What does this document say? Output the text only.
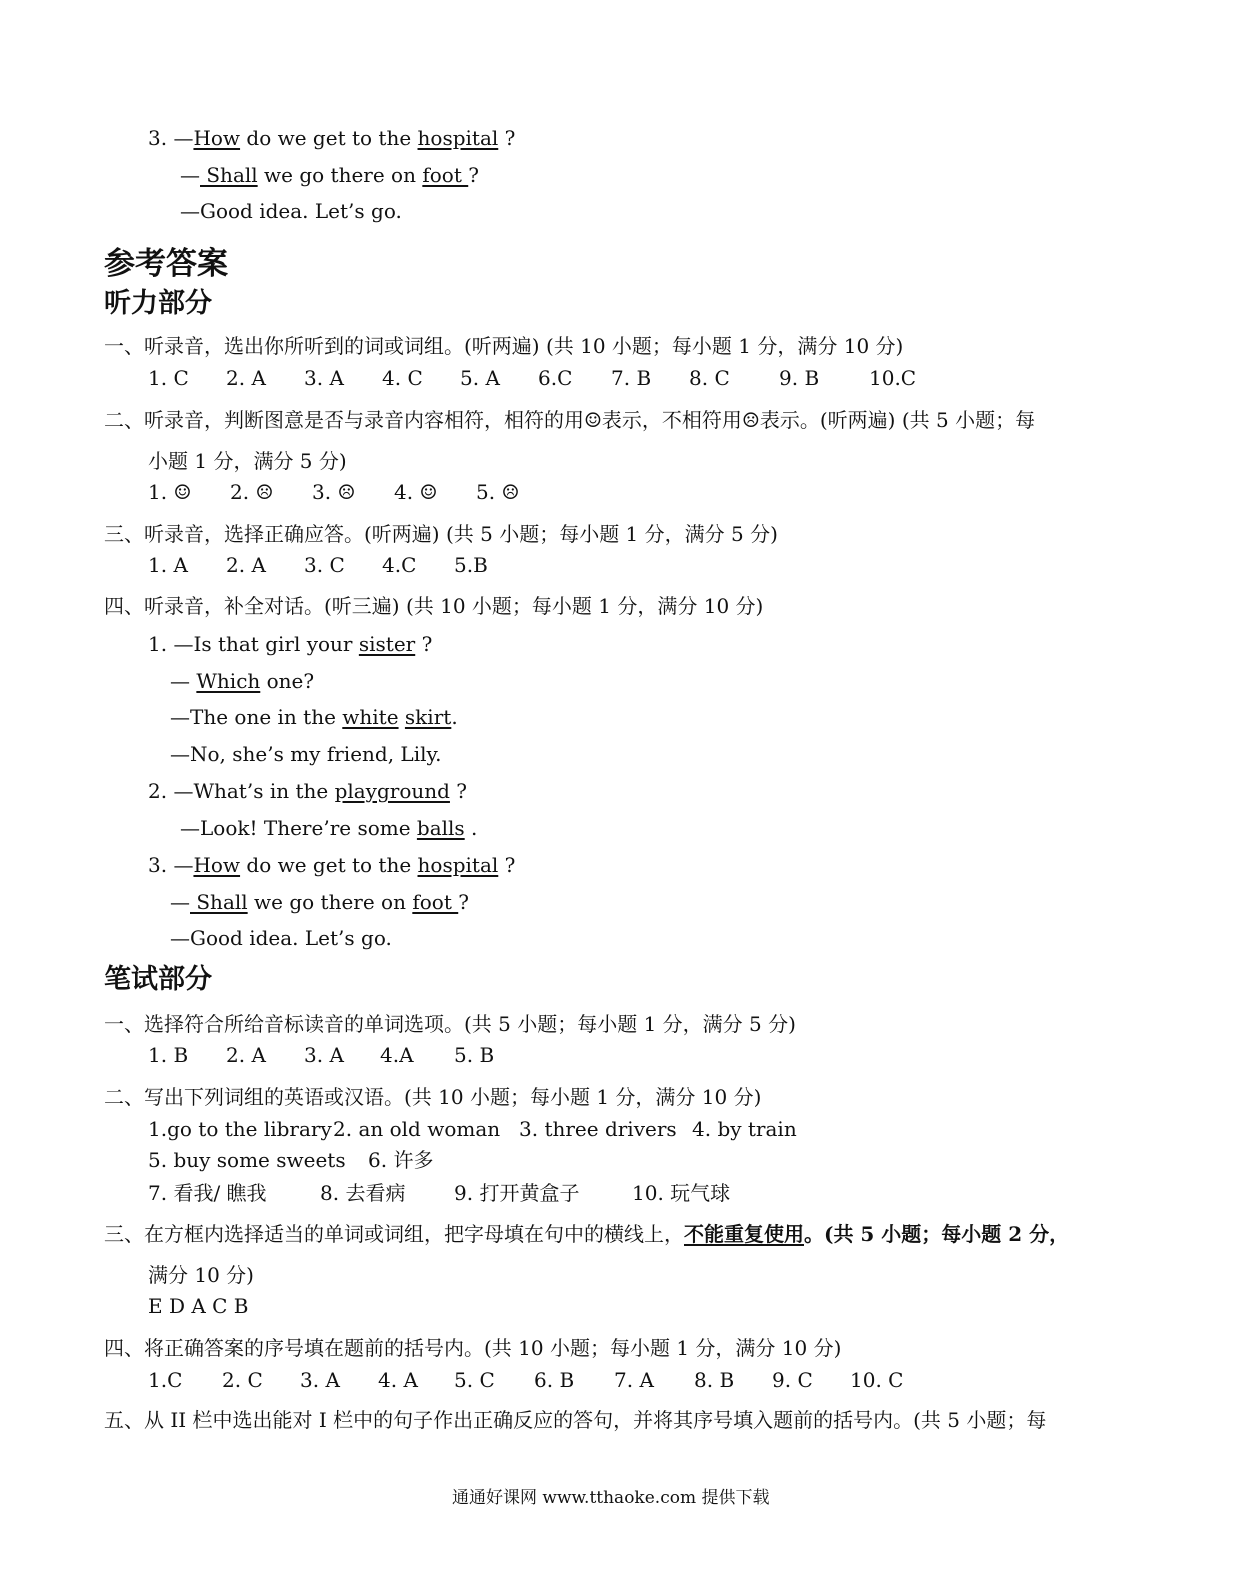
3. —How do we get to the hospital ?
— Shall we go there on foot ?
—Good idea. Let’s go.
参考答案
听力部分
一、听录音，选出你所听到的词或词组。(听两遍) (共 10 小题；每小题 1 分，满分 10 分)
1. C 2. A 3. A 4. C 5. A 6.C 7. B 8. C 9. B 10.C
二、听录音，判断图意是否与录音内容相符，相符的用☺表示，不相符用☹表示。(听两遍) (共 5 小题；每
小题 1 分，满分 5 分)
1. ☺ 2. ☹ 3. ☹ 4. ☺ 5. ☹
三、听录音，选择正确应答。(听两遍) (共 5 小题；每小题 1 分，满分 5 分)
1. A 2. A 3. C 4.C 5.B
四、听录音，补全对话。(听三遍) (共 10 小题；每小题 1 分，满分 10 分)
1. —Is that girl your sister ?
— Which one?
—The one in the white skirt.
—No, she’s my friend, Lily.
2. —What’s in the playground ?
—Look! There’re some balls .
3. —How do we get to the hospital ?
— Shall we go there on foot ?
—Good idea. Let’s go.
笔试部分
一、选择符合所给音标读音的单词选项。(共 5 小题；每小题 1 分，满分 5 分)
1. B 2. A 3. A 4.A 5. B
二、写出下列词组的英语或汉语。(共 10 小题；每小题 1 分，满分 10 分)
1.go to the library2. an old woman 3. three drivers 4. by train
5. buy some sweets 6. 许多
7. 看我/ 瞧我	8. 去看病 9. 打开黄盒子	10. 玩气球
三、在方框内选择适当的单词或词组，把字母填在句中的横线上，不能重复使用。(共 5 小题；每小题 2 分，
满分 10 分)
E D A C B
四、将正确答案的序号填在题前的括号内。(共 10 小题；每小题 1 分，满分 10 分)
1.C 2. C 3. A 4. A 5. C 6. B 7. A 8. B 9. C 10. C
五、从 II 栏中选出能对 I 栏中的句子作出正确反应的答句，并将其序号填入题前的括号内。(共 5 小题；每
通通好课网 www.tthaoke.com 提供下载
